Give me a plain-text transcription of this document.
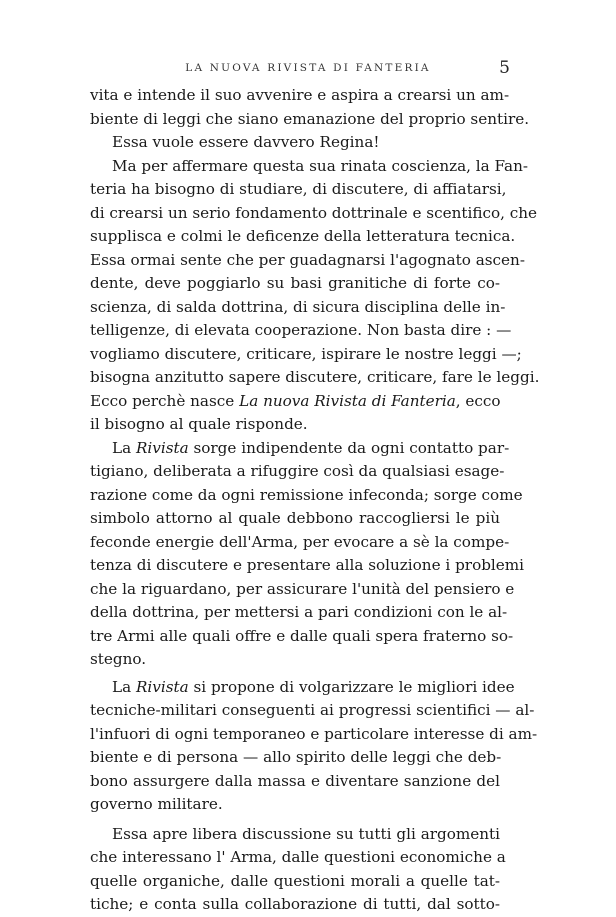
LA NUOVA RIVISTA DI FANTERIA	5
vita e intende il suo avvenire e aspira a crearsi un am-
biente di leggi che siano emanazione del proprio sentire.
Essa vuole essere davvero Regina!
Ma per affermare questa sua rinata coscienza, la Fan-
teria ha bisogno di studiare, di discutere, di affiatarsi,
di crearsi un serio fondamento dottrinale e scentifico, che
supplisca e colmi le deficenze della letteratura tecnica.
Essa ormai sente che per guadagnarsi l'agognato ascen-
dente, deve poggiarlo su basi granitiche di forte co-
scienza, di salda dottrina, di sicura disciplina delle in-
telligenze, di elevata cooperazione. Non basta dire : —
vogliamo discutere, criticare, ispirare le nostre leggi —;
bisogna anzitutto sapere discutere, criticare, fare le leggi.
Ecco perchè nasce La nuova Rivista di Fanteria, ecco
il bisogno al quale risponde.
La Rivista sorge indipendente da ogni contatto par-
tigiano, deliberata a rifuggire così da qualsiasi esage-
razione come da ogni remissione infeconda; sorge come
simbolo attorno al quale debbono raccogliersi le più
feconde energie dell'Arma, per evocare a sè la compe-
tenza di discutere e presentare alla soluzione i problemi
che la riguardano, per assicurare l'unità del pensiero e
della dottrina, per mettersi a pari condizioni con le al-
tre Armi alle quali offre e dalle quali spera fraterno so-
stegno.
La Rivista si propone di volgarizzare le migliori idee
tecniche-militari conseguenti ai progressi scientifici — al-
l'infuori di ogni temporaneo e particolare interesse di am-
biente e di persona — allo spirito delle leggi che deb-
bono assurgere dalla massa e diventare sanzione del
governo militare.
Essa apre libera discussione su tutti gli argomenti
che interessano l' Arma, dalle questioni economiche a
quelle organiche, dalle questioni morali a quelle tat-
tiche; e conta sulla collaborazione di tutti, dal sotto-
